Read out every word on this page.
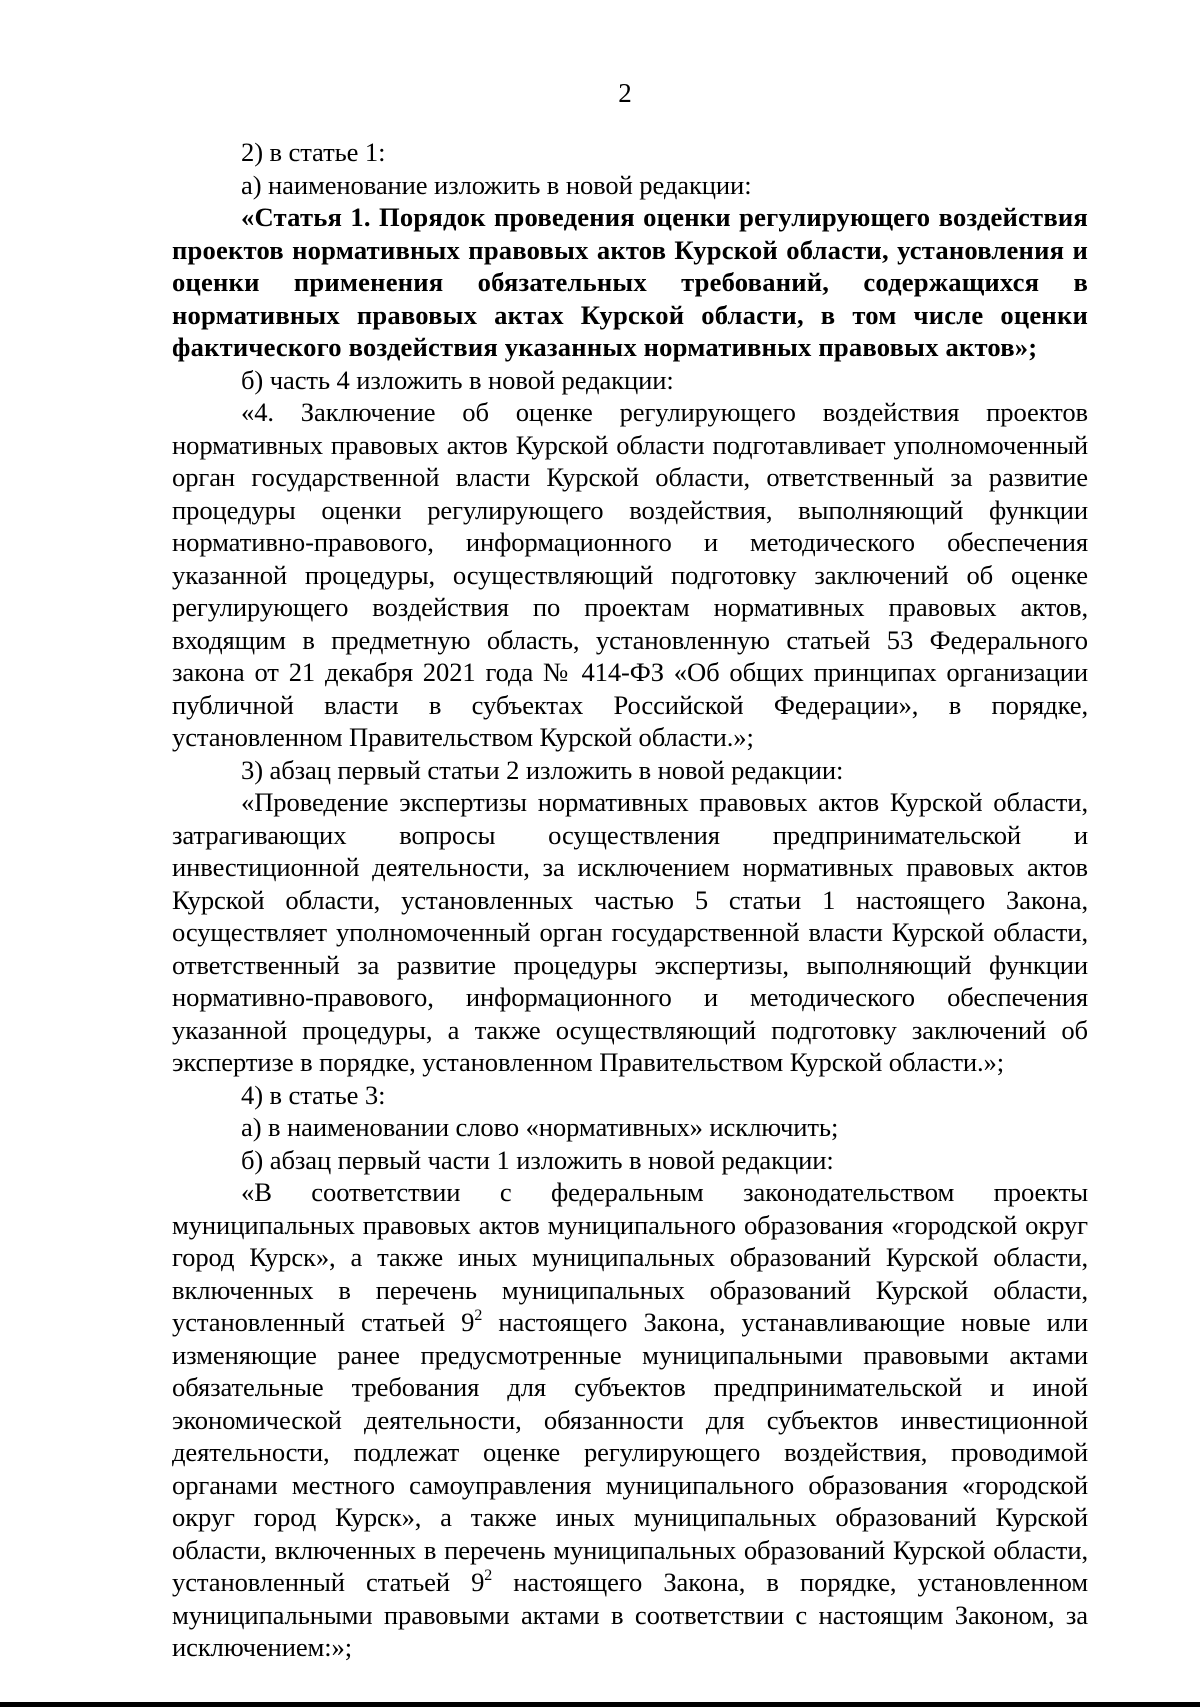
2

2) в статье 1:

а) наименование изложить в новой редакции:

«Статья 1. Порядок проведения оценки регулирующего воздействия проектов нормативных правовых актов Курской области, установления и оценки применения обязательных требований, содержащихся в нормативных правовых актах Курской области, в том числе оценки фактического воздействия указанных нормативных правовых актов»;

б) часть 4 изложить в новой редакции:

«4. Заключение об оценке регулирующего воздействия проектов нормативных правовых актов Курской области подготавливает уполномоченный орган государственной власти Курской области, ответственный за развитие процедуры оценки регулирующего воздействия, выполняющий функции нормативно-правового, информационного и методического обеспечения указанной процедуры, осуществляющий подготовку заключений об оценке регулирующего воздействия по проектам нормативных правовых актов, входящим в предметную область, установленную статьей 53 Федерального закона от 21 декабря 2021 года № 414-ФЗ «Об общих принципах организации публичной власти в субъектах Российской Федерации», в порядке, установленном Правительством Курской области.»;

3) абзац первый статьи 2 изложить в новой редакции:

«Проведение экспертизы нормативных правовых актов Курской области, затрагивающих вопросы осуществления предпринимательской и инвестиционной деятельности, за исключением нормативных правовых актов Курской области, установленных частью 5 статьи 1 настоящего Закона, осуществляет уполномоченный орган государственной власти Курской области, ответственный за развитие процедуры экспертизы, выполняющий функции нормативно-правового, информационного и методического обеспечения указанной процедуры, а также осуществляющий подготовку заключений об экспертизе в порядке, установленном Правительством Курской области.»;

4) в статье 3:

а) в наименовании слово «нормативных» исключить;

б) абзац первый части 1 изложить в новой редакции:

«В соответствии с федеральным законодательством проекты муниципальных правовых актов муниципального образования «городской округ город Курск», а также иных муниципальных образований Курской области, включенных в перечень муниципальных образований Курской области, установленный статьей $9^2$ настоящего Закона, устанавливающие новые или изменяющие ранее предусмотренные муниципальными правовыми актами обязательные требования для субъектов предпринимательской и иной экономической деятельности, обязанности для субъектов инвестиционной деятельности, подлежат оценке регулирующего воздействия, проводимой органами местного самоуправления муниципального образования «городской округ город Курск», а также иных муниципальных образований Курской области, включенных в перечень муниципальных образований Курской области, установленный статьей $9^2$ настоящего Закона, в порядке, установленном муниципальными правовыми актами в соответствии с настоящим Законом, за исключением:»;
